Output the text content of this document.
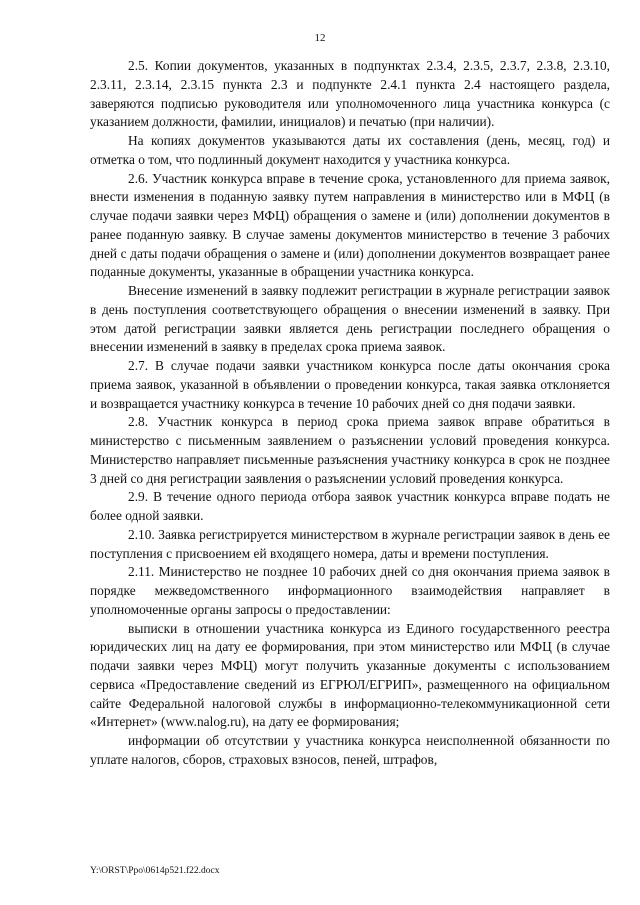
12

2.5. Копии документов, указанных в подпунктах 2.3.4, 2.3.5, 2.3.7, 2.3.8, 2.3.10, 2.3.11, 2.3.14, 2.3.15 пункта 2.3 и подпункте 2.4.1 пункта 2.4 настоящего раздела, заверяются подписью руководителя или уполномоченного лица участника конкурса (с указанием должности, фамилии, инициалов) и печатью (при наличии).

На копиях документов указываются даты их составления (день, месяц, год) и отметка о том, что подлинный документ находится у участника конкурса.

2.6. Участник конкурса вправе в течение срока, установленного для приема заявок, внести изменения в поданную заявку путем направления в министерство или в МФЦ (в случае подачи заявки через МФЦ) обращения о замене и (или) дополнении документов в ранее поданную заявку. В случае замены документов министерство в течение 3 рабочих дней с даты подачи обращения о замене и (или) дополнении документов возвращает ранее поданные документы, указанные в обращении участника конкурса.

Внесение изменений в заявку подлежит регистрации в журнале регистрации заявок в день поступления соответствующего обращения о внесении изменений в заявку. При этом датой регистрации заявки является день регистрации последнего обращения о внесении изменений в заявку в пределах срока приема заявок.

2.7. В случае подачи заявки участником конкурса после даты окончания срока приема заявок, указанной в объявлении о проведении конкурса, такая заявка отклоняется и возвращается участнику конкурса в течение 10 рабочих дней со дня подачи заявки.

2.8. Участник конкурса в период срока приема заявок вправе обратиться в министерство с письменным заявлением о разъяснении условий проведения конкурса. Министерство направляет письменные разъяснения участнику конкурса в срок не позднее 3 дней со дня регистрации заявления о разъяснении условий проведения конкурса.

2.9. В течение одного периода отбора заявок участник конкурса вправе подать не более одной заявки.

2.10. Заявка регистрируется министерством в журнале регистрации заявок в день ее поступления с присвоением ей входящего номера, даты и времени поступления.

2.11. Министерство не позднее 10 рабочих дней со дня окончания приема заявок в порядке межведомственного информационного взаимодействия направляет в уполномоченные органы запросы о предоставлении:

выписки в отношении участника конкурса из Единого государственного реестра юридических лиц на дату ее формирования, при этом министерство или МФЦ (в случае подачи заявки через МФЦ) могут получить указанные документы с использованием сервиса «Предоставление сведений из ЕГРЮЛ/ЕГРИП», размещенного на официальном сайте Федеральной налоговой службы в информационно-телекоммуникационной сети «Интернет» (www.nalog.ru), на дату ее формирования;

информации об отсутствии у участника конкурса неисполненной обязанности по уплате налогов, сборов, страховых взносов, пеней, штрафов,

Y:\ORST\Ppo\0614p521.f22.docx
